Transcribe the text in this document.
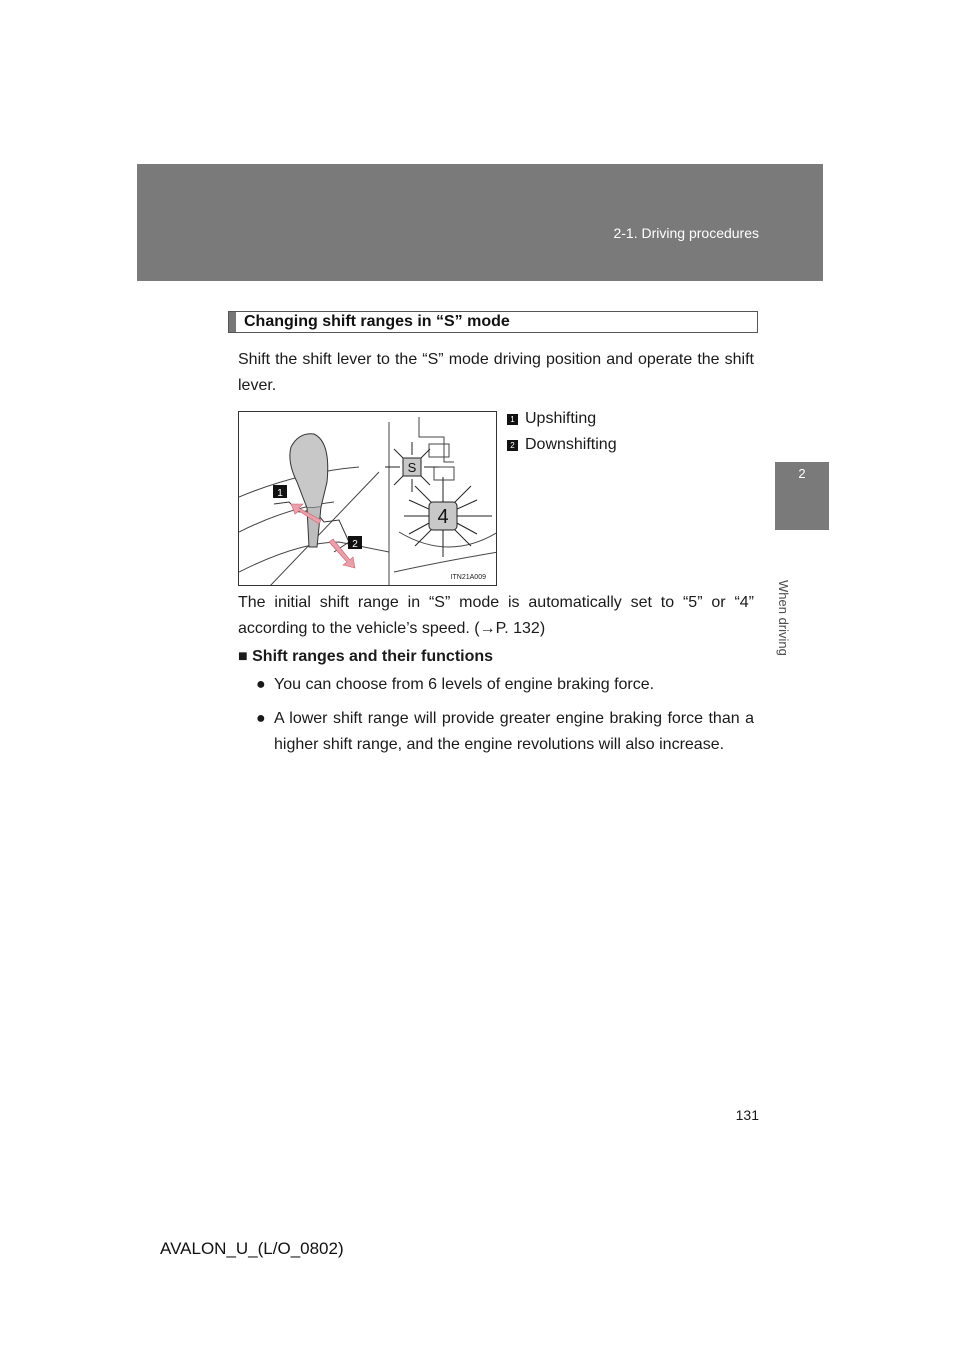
2-1. Driving procedures
2
When driving
Changing shift ranges in “S” mode
Shift the shift lever to the “S” mode driving position and operate the shift lever.
S
4
1
2
ITN21A009
1 Upshifting
2 Downshifting
The initial shift range in “S” mode is automatically set to “5” or “4” according to the vehicle’s speed. (→P. 132)
■ Shift ranges and their functions
● You can choose from 6 levels of engine braking force.
● A lower shift range will provide greater engine braking force than a higher shift range, and the engine revolutions will also increase.
131
AVALON_U_(L/O_0802)
